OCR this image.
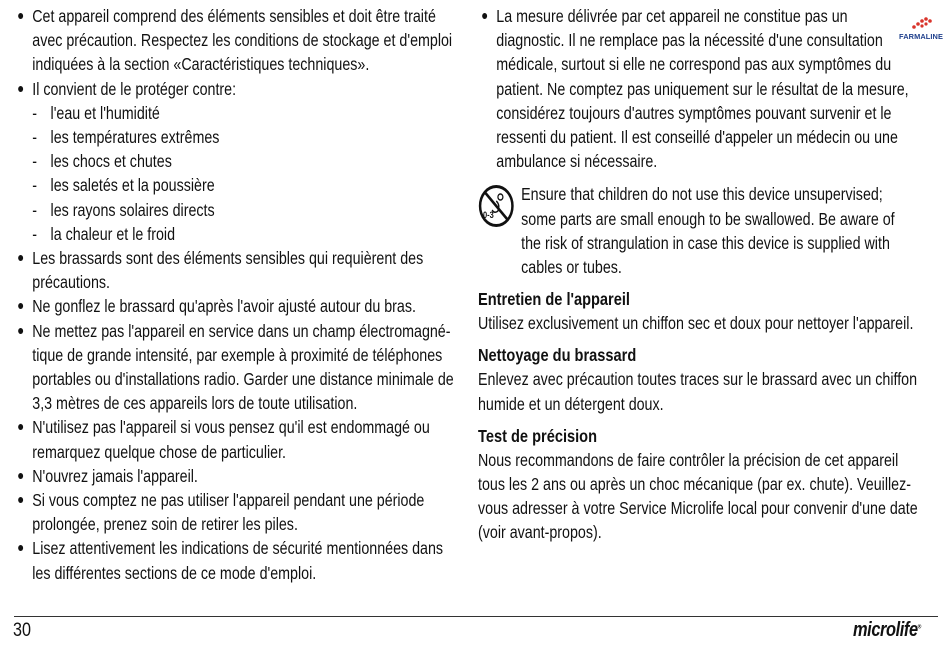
FARMALINE
Cet appareil comprend des éléments sensibles et doit être traité avec précaution. Respectez les conditions de stockage et d'emploi indiquées à la section «Caractéristiques techniques».
Il convient de le protéger contre:
- l'eau et l'humidité
- les températures extrêmes
- les chocs et chutes
- les saletés et la poussière
- les rayons solaires directs
- la chaleur et le froid
Les brassards sont des éléments sensibles qui requièrent des précautions.
Ne gonflez le brassard qu'après l'avoir ajusté autour du bras.
Ne mettez pas l'appareil en service dans un champ électromagné-tique de grande intensité, par exemple à proximité de téléphones portables ou d'installations radio. Garder une distance minimale de 3,3 mètres de ces appareils lors de toute utilisation.
N'utilisez pas l'appareil si vous pensez qu'il est endommagé ou remarquez quelque chose de particulier.
N'ouvrez jamais l'appareil.
Si vous comptez ne pas utiliser l'appareil pendant une période prolongée, prenez soin de retirer les piles.
Lisez attentivement les indications de sécurité mentionnées dans les différentes sections de ce mode d'emploi.
La mesure délivrée par cet appareil ne constitue pas un diagnostic. Il ne remplace pas la nécessité d'une consultation médicale, surtout si elle ne correspond pas aux symptômes du patient. Ne comptez pas uniquement sur le résultat de la mesure, considérez toujours d'autres symptômes pouvant survenir et le ressenti du patient. Il est conseillé d'appeler un médecin ou une ambulance si nécessaire.
0-3

Ensure that children do not use this device unsupervised; some parts are small enough to be swallowed. Be aware of the risk of strangulation in case this device is supplied with cables or tubes.

Entretien de l'appareil

Utilisez exclusivement un chiffon sec et doux pour nettoyer l'appareil.

Nettoyage du brassard

Enlevez avec précaution toutes traces sur le brassard avec un chiffon humide et un détergent doux.

Test de précision

Nous recommandons de faire contrôler la précision de cet appareil tous les 2 ans ou après un choc mécanique (par ex. chute). Veuillez-vous adresser à votre Service Microlife local pour convenir d'une date (voir avant-propos).

30	microlife®
